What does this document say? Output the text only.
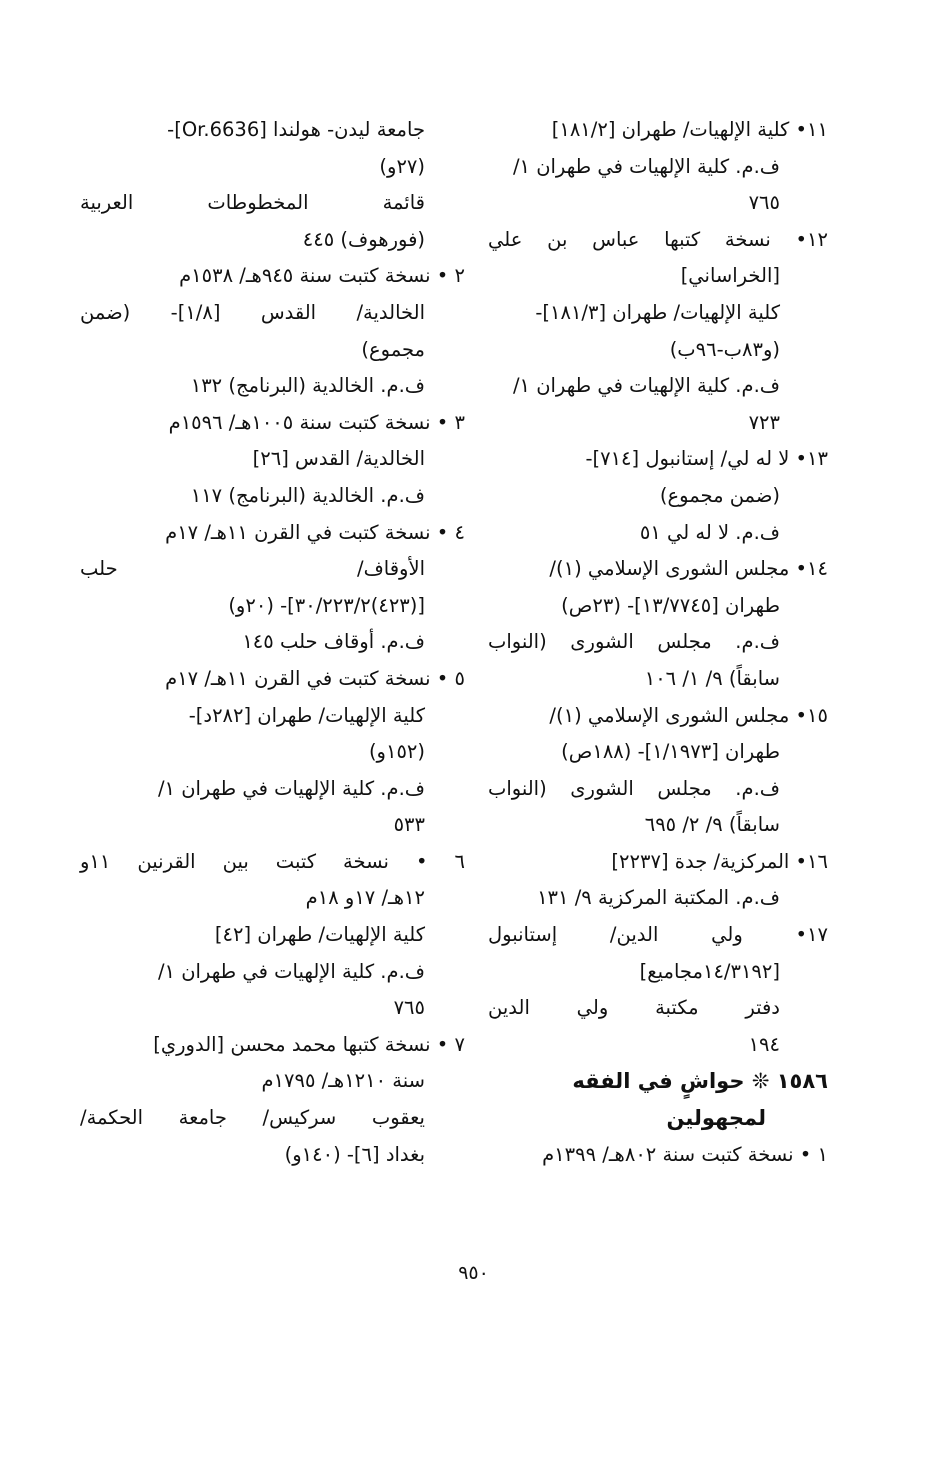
١١• كلية الإلهيات/ طهران [١٨١/٢]
ف.م. كلية الإلهيات في طهران ١/
٧٦٥
١٢• نسخة كتبها عباس بن علي
[الخراساني]
كلية الإلهيات/ طهران [١٨١/٣]-
(و٨٣ب-٩٦ب)
ف.م. كلية الإلهيات في طهران ١/
٧٢٣
١٣• لا له لي/ إستانبول [٧١٤]-
(ضمن مجموع)
ف.م. لا له لي ٥١
١٤• مجلس الشورى الإسلامي (١)/
طهران [١٣/٧٧٤٥]- (٢٣ص)
ف.م. مجلس الشورى (النواب
سابقاً) ٩/ ١/ ١٠٦
١٥• مجلس الشورى الإسلامي (١)/
طهران [١/١٩٧٣]- (١٨٨ص)
ف.م. مجلس الشورى (النواب
سابقاً) ٩/ ٢/ ٦٩٥
١٦• المركزية/ جدة [٢٢٣٧]
ف.م. المكتبة المركزية ٩/ ١٣١
١٧• ولي الدين/ إستانبول
[١٤/٣١٩٢مجاميع]
دفتر مكتبة ولي الدين
١٩٤
١٥٨٦ ❊ حواشٍ في الفقه
لمجهولين
١ • نسخة كتبت سنة ٨٠٢هـ/ ١٣٩٩م
جامعة ليدن- هولندا [Or.6636]-
(٢٧و)
قائمة المخطوطات العربية
(فورهوف) ٤٤٥
٢ • نسخة كتبت سنة ٩٤٥هـ/ ١٥٣٨م
الخالدية/ القدس [١/٨]- (ضمن
مجموع)
ف.م. الخالدية (البرنامج) ١٣٢
٣ • نسخة كتبت سنة ١٠٠٥هـ/ ١٥٩٦م
الخالدية/ القدس [٢٦]
ف.م. الخالدية (البرنامج) ١١٧
٤ • نسخة كتبت في القرن ١١هـ/ ١٧م
الأوقاف/ حلب
[(٤٢٣)٣٠/٢٢٣/٢]- (٢٠و)
ف.م. أوقاف حلب ١٤٥
٥ • نسخة كتبت في القرن ١١هـ/ ١٧م
كلية الإلهيات/ طهران [٢٨٢د]-
(١٥٢و)
ف.م. كلية الإلهيات في طهران ١/
٥٣٣
٦ • نسخة كتبت بين القرنين ١١و
١٢هـ/ ١٧و ١٨م
كلية الإلهيات/ طهران [٤٢]
ف.م. كلية الإلهيات في طهران ١/
٧٦٥
٧ • نسخة كتبها محمد محسن [الدوري]
سنة ١٢١٠هـ/ ١٧٩٥م
يعقوب سركيس/ جامعة الحكمة/
بغداد [٦]- (١٤٠و)
٩٥٠
